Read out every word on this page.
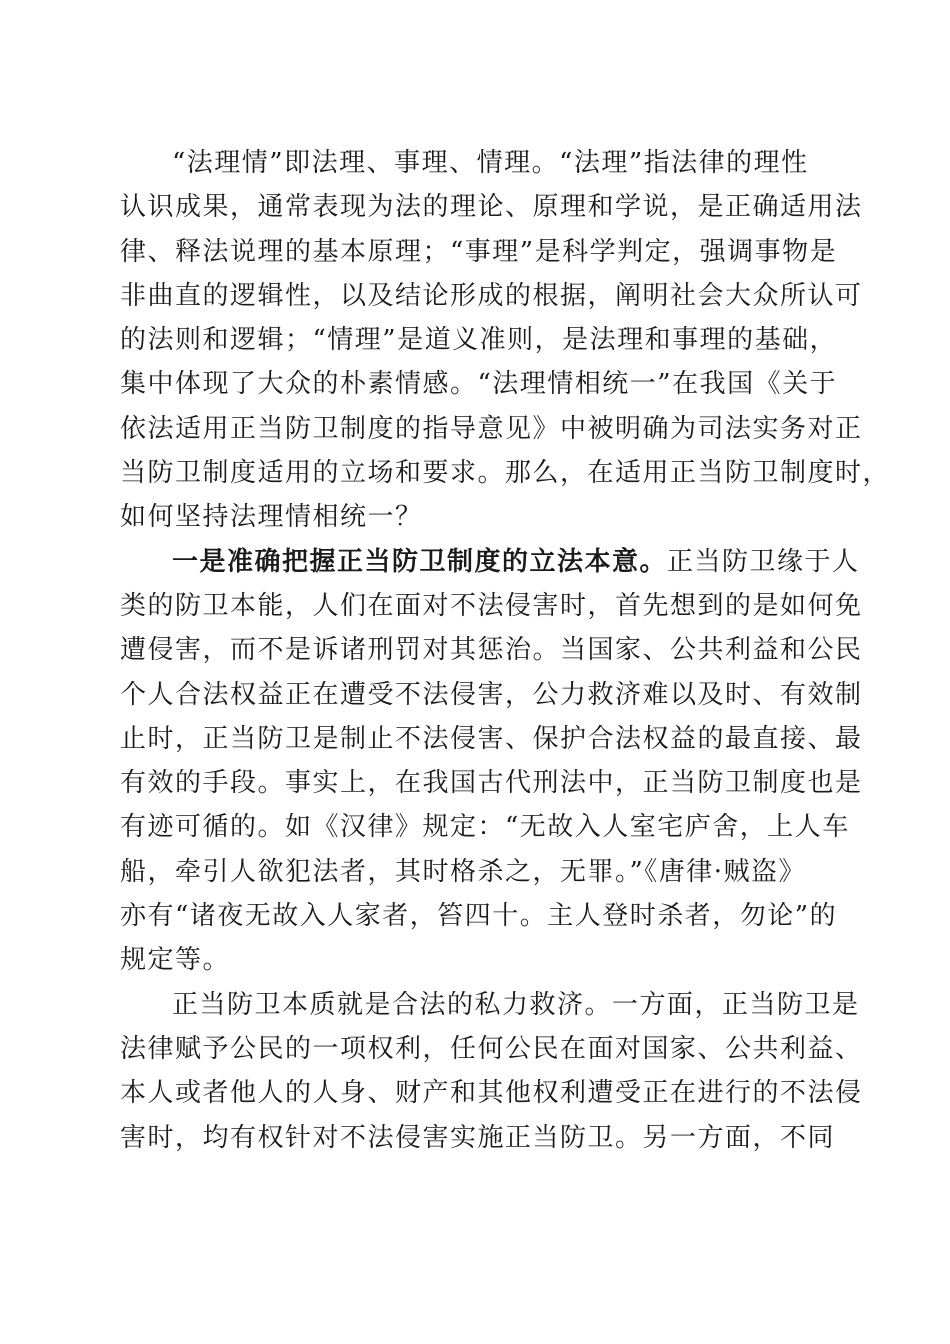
“法理情”即法理、事理、情理。“法理”指法律的理性
认识成果，通常表现为法的理论、原理和学说，是正确适用法
律、释法说理的基本原理；“事理”是科学判定，强调事物是
非曲直的逻辑性，以及结论形成的根据，阐明社会大众所认可
的法则和逻辑；“情理”是道义准则，是法理和事理的基础，
集中体现了大众的朴素情感。“法理情相统一”在我国《关于
依法适用正当防卫制度的指导意见》中被明确为司法实务对正
当防卫制度适用的立场和要求。那么，在适用正当防卫制度时，
如何坚持法理情相统一？
一是准确把握正当防卫制度的立法本意。正当防卫缘于人
类的防卫本能，人们在面对不法侵害时，首先想到的是如何免
遭侵害，而不是诉诸刑罚对其惩治。当国家、公共利益和公民
个人合法权益正在遭受不法侵害，公力救济难以及时、有效制
止时，正当防卫是制止不法侵害、保护合法权益的最直接、最
有效的手段。事实上，在我国古代刑法中，正当防卫制度也是
有迹可循的。如《汉律》规定：“无故入人室宅庐舍，上人车
船，牵引人欲犯法者，其时格杀之，无罪。”《唐律·贼盗》
亦有“诸夜无故入人家者，笞四十。主人登时杀者，勿论”的
规定等。
正当防卫本质就是合法的私力救济。一方面，正当防卫是
法律赋予公民的一项权利，任何公民在面对国家、公共利益、
本人或者他人的人身、财产和其他权利遭受正在进行的不法侵
害时，均有权针对不法侵害实施正当防卫。另一方面，不同
